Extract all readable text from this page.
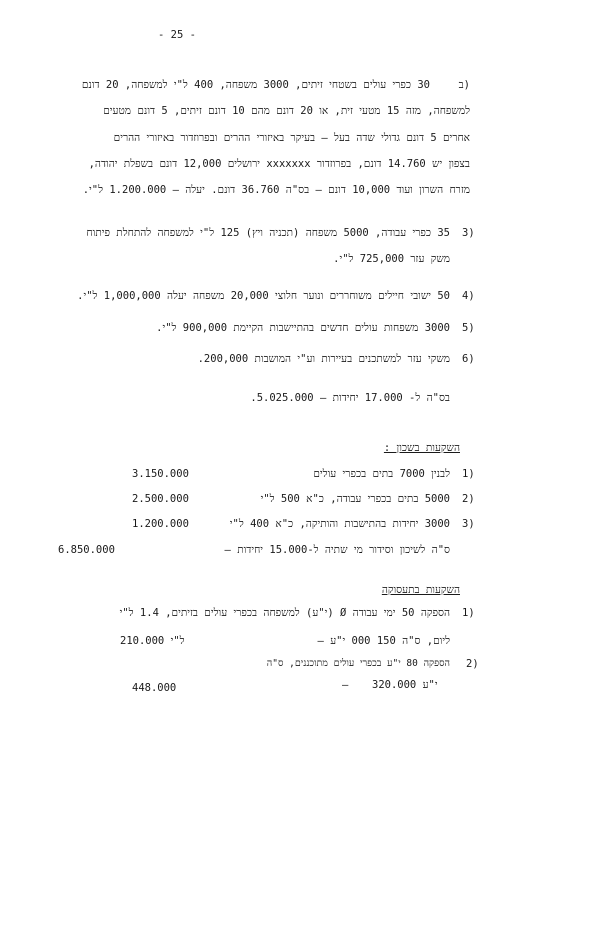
- 25 -
ב)
30 כפרי עולים בשטחי זיתים, 3000 משפחה, 400 ל"י למשפחה, 20 דונם
למשפחה, מזה 15 מטעי זית, או 20 דונם מהם 10 דונם זיתים, 5 דונם מטעים
אחרים 5 דונם גדולי שדה בעל – בעיקר באיזורי ההרים ובפרוזדור באיזורי ההרים
בצפון יש 14.760 דונם, בפרוזדור xxxxxxx ירושלים 12,000 דונם בשפלת יהודה,
מזרח השרון ועוד 10,000 דונם – בס"ה 36.760 דונם. יעלה – 1.200.000 ל"י.
3)
35 כפרי עבודה, 5000 משפחה (תכניה ויץ) 125 ל"י למשפחה להתחלת פיתוח
משק עזר 725,000 ל"י.
4)
50 ישובי חיילים משוחררים ונוער חלוצי 20,000 משפחה יעלה 1,000,000 ל"י.
5)
3000 משפחות עולים חדשים בהתיישבות הקיימת 900,000 ל"י.
6)
משקי עזר למשתכנים בעיירות וע"י המושבות 200,000.
בס"ה ל- 17.000 יחידות – 5.025.000.
השקעות בשכון :
1)
לבנין 7000 בתים בכפרי עולים
3.150.000
2)
5000 בתים בכפרי עבודה, כ"א 500 ל"י
2.500.000
3)
3000 יחידות בהתישבות והותיקה, כ"א 400 ל"י
1.200.000
ס"ה לשיכון וסידור מי שתיה ל-15.000 יחידות –
6.850.000
השקעות בתעסוקה
1)
הספקה 50 ימי עבודה Ø (י"ע) למשפחה בכפרי עולים בזיתים, 1.4 ל"י
ליום, ס"ה 150 000 י"ע –
210.000 ל"י
2)
הספקה 80 י"ע בכפרי עולים מתוכננים, ס"ה
320.000 י"ע
–
448.000
